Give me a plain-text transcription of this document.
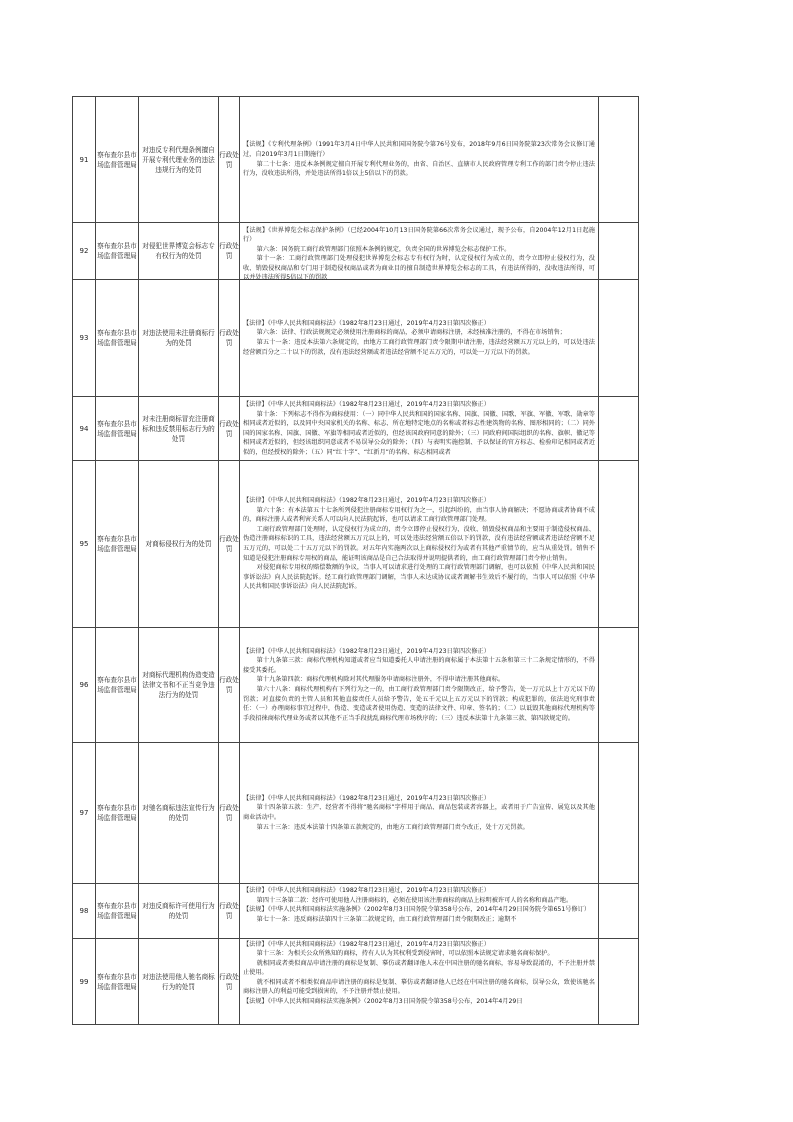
91	察布查尔县市场监督管理局	对违反专利代理条例擅自开展专利代理业务的违法违规行为的处罚	行政处罚	【法规】《专利代理条例》（1991年3月4日中华人民共和国国务院令第76号发布，2018年9月6日国务院第23次常务会议修订通过，自2019年3月1日期施行）

第二十七条：违反本条例规定擅自开展专利代理业务的，由省、自治区、直辖市人民政府管理专利工作的部门责令停止违法行为，没收违法所得，并处违法所得1倍以上5倍以下的罚款。	

92	察布查尔县市场监督管理局	对侵犯世界博览会标志专有权行为的处罚	行政处罚	【法规】《世界博览会标志保护条例》（已经2004年10月13日国务院第66次常务会议通过，现予公布，自2004年12月1日起施行）

第六条：国务院工商行政管理部门依照本条例的规定，负责全国的世界博览会标志保护工作。

第十一条：工商行政管理部门处理侵犯世界博览会标志专有权行为时，认定侵权行为成立的，责令立即停止侵权行为，没收、销毁侵权商品和专门用于制造侵权商品或者为商业目的擅自制造世界博览会标志的工具，有违法所得的，没收违法所得，可以并处违法所得5倍以下的罚款	

93	察布查尔县市场监督管理局	对违法使用未注册商标行为的处罚	行政处罚	【法律】《中华人民共和国商标法》（1982年8月23日通过，2019年4月23日第四次修正）

第六条：法律、行政法规规定必须使用注册商标的商品，必须申请商标注册，未经核准注册的，不得在市场销售；

第五十一条：违反本法第六条规定的，由地方工商行政管理部门责令限期申请注册，违法经营额五万元以上的，可以处违法经营额百分之二十以下的罚款，没有违法经营额或者违法经营额不足五万元的，可以处一万元以下的罚款。	

94	察布查尔县市场监督管理局	对未注册商标冒充注册商标和违反禁用标志行为的处罚	行政处罚	【法律】《中华人民共和国商标法》（1982年8月23日通过，2019年4月23日第四次修正）

第十条：下列标志不得作为商标使用：（一）同中华人民共和国的国家名称、国旗、国徽、国歌、军旗、军徽、军歌、勋章等相同或者近似的，以及同中央国家机关的名称、标志、所在地特定地点的名称或者标志性建筑物的名称、图形相同的；（二）同外国的国家名称、国旗、国徽、军旗等相同或者近似的，但经该国政府同意的除外；（三）同政府间国际组织的名称、旗帜、徽记等相同或者近似的，但经该组织同意或者不易误导公众的除外；（四）与表明实施控制、予以保证的官方标志、检验印记相同或者近似的，但经授权的除外；（五）同“红十字”、“红新月”的名称、标志相同或者	

95	察布查尔县市场监督管理局	对商标侵权行为的处罚	行政处罚	【法律】《中华人民共和国商标法》（1982年8月23日通过，2019年4月23日第四次修正）

第六十条：有本法第五十七条所列侵犯注册商标专用权行为之一，引起纠纷的，由当事人协商解决；不愿协商或者协商不成的，商标注册人或者利害关系人可以向人民法院起诉，也可以请求工商行政管理部门处理。

工商行政管理部门处理时，认定侵权行为成立的，责令立即停止侵权行为，没收、销毁侵权商品和主要用于制造侵权商品、伪造注册商标标识的工具，违法经营额五万元以上的，可以处违法经营额五倍以下的罚款，没有违法经营额或者违法经营额不足五万元的，可以处二十五万元以下的罚款。对五年内实施两次以上商标侵权行为或者有其他严重情节的，应当从重处罚。销售不知道是侵犯注册商标专用权的商品，能证明该商品是自己合法取得并说明提供者的，由工商行政管理部门责令停止销售。

对侵犯商标专用权的赔偿数额的争议，当事人可以请求进行处理的工商行政管理部门调解，也可以依照《中华人民共和国民事诉讼法》向人民法院起诉。经工商行政管理部门调解，当事人未达成协议或者调解书生效后不履行的，当事人可以依照《中华人民共和国民事诉讼法》向人民法院起诉。	

96	察布查尔县市场监督管理局	对商标代理机构伪造变造法律文书和不正当竞争违法行为的处罚	行政处罚	【法律】《中华人民共和国商标法》（1982年8月23日通过，2019年4月23日第四次修正）

第十九条第三款：商标代理机构知道或者应当知道委托人申请注册的商标属于本法第十五条和第三十二条规定情形的，不得接受其委托。

第十九条第四款：商标代理机构除对其代理服务申请商标注册外，不得申请注册其他商标。

第六十八条：商标代理机构有下列行为之一的，由工商行政管理部门责令限期改正，给予警告，处一万元以上十万元以下的罚款；对直接负责的主管人员和其他直接责任人员给予警告，处五千元以上五万元以下的罚款；构成犯罪的，依法追究刑事责任：（一）办理商标事宜过程中，伪造、变造或者使用伪造、变造的法律文件、印章、签名的；（二）以诋毁其他商标代理机构等手段招徕商标代理业务或者以其他不正当手段扰乱商标代理市场秩序的；（三）违反本法第十九条第三款、第四款规定的。	

97	察布查尔县市场监督管理局	对驰名商标违法宣传行为的处罚	行政处罚	【法律】《中华人民共和国商标法》（1982年8月23日通过，2019年4月23日第四次修正）

第十四条第五款：生产、经营者不得将“驰名商标”字样用于商品、商品包装或者容器上，或者用于广告宣传、展览以及其他商业活动中。

第五十三条：违反本法第十四条第五款规定的，由地方工商行政管理部门责令改正，处十万元罚款。	

98	察布查尔县市场监督管理局	对违反商标许可使用行为的处罚	行政处罚	【法律】《中华人民共和国商标法》（1982年8月23日通过，2019年4月23日第四次修正）

第四十三条第二款：经许可使用他人注册商标的，必须在使用该注册商标的商品上标明被许可人的名称和商品产地。

【法规】《中华人民共和国商标法实施条例》（2002年8月3日国务院令第358号公布，2014年4月29日国务院令第651号修订）

第七十一条：违反商标法第四十三条第二款规定的，由工商行政管理部门责令限期改正；逾期不	

99	察布查尔县市场监督管理局	对违法使用他人驰名商标行为的处罚	行政处罚	【法律】《中华人民共和国商标法》（1982年8月23日通过，2019年4月23日第四次修正）

第十三条：为相关公众所熟知的商标，持有人认为其权利受到侵害时，可以依照本法规定请求驰名商标保护。

就相同或者类似商品申请注册的商标是复制、摹仿或者翻译他人未在中国注册的驰名商标，容易导致混淆的，不予注册并禁止使用。

就不相同或者不相类似商品申请注册的商标是复制、摹仿或者翻译他人已经在中国注册的驰名商标，误导公众，致使该驰名商标注册人的利益可能受到损害的，不予注册并禁止使用。

【法规】《中华人民共和国商标法实施条例》（2002年8月3日国务院令第358号公布，2014年4月29日	
